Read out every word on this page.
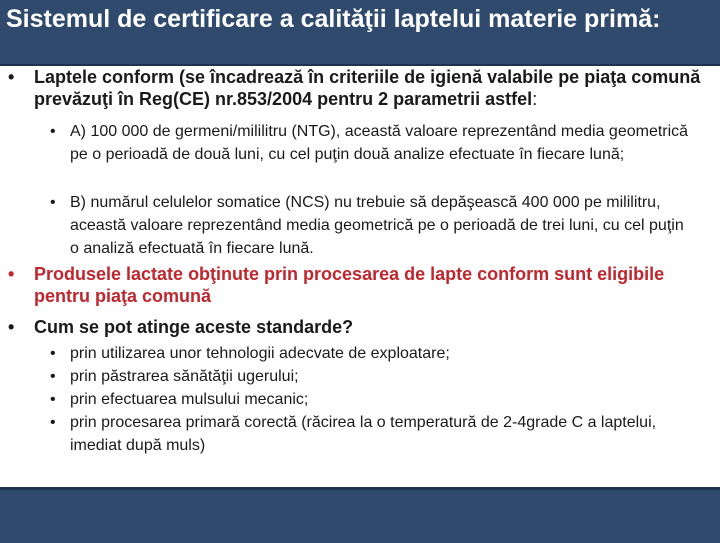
Sistemul de certificare a calităţii laptelui materie primă:
•	Laptele conform (se încadrează în criteriile de igienă valabile pe piaţa comună prevăzuţi în Reg(CE) nr.853/2004 pentru 2 parametrii astfel:
• A) 100 000 de germeni/mililitru (NTG), această valoare reprezentând media geometrică pe o perioadă de două luni, cu cel puţin două analize efectuate în fiecare lună;
• B) numărul celulelor somatice (NCS) nu trebuie să depăşească 400 000 pe mililitru, această valoare reprezentând media geometrică pe o perioadă de trei luni, cu cel puţin o analiză efectuată în fiecare lună.
•	Produsele lactate obţinute prin procesarea de lapte conform sunt eligibile pentru piaţa comună
•	Cum se pot atinge aceste standarde?
• prin utilizarea unor tehnologii adecvate de exploatare;
• prin păstrarea sănătăţii ugerului;
• prin efectuarea mulsului mecanic;
• prin procesarea primară corectă (răcirea la o temperatură de 2-4grade C a laptelui, imediat după muls)
